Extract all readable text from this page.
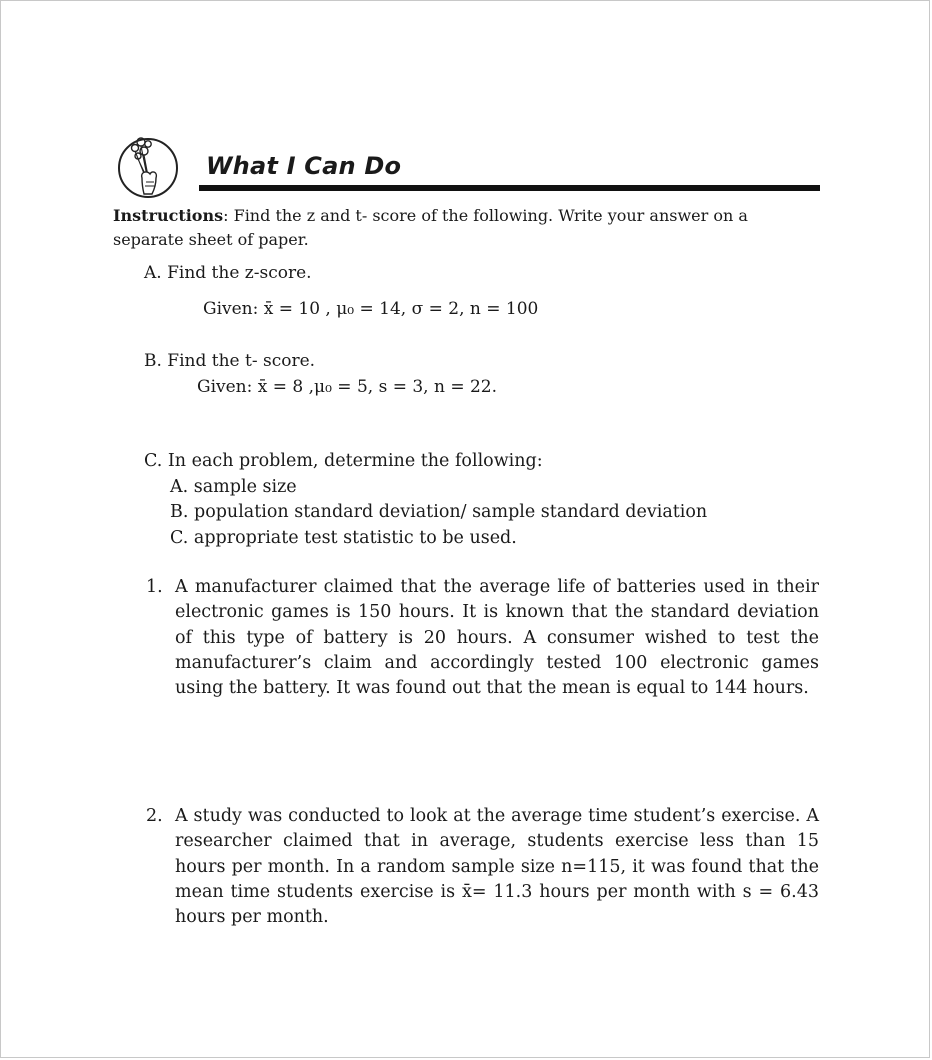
What I Can Do
Instructions: Find the z and t- score of the following. Write your answer on a
separate sheet of paper.
A. Find the z-score.
Given: x̄ = 10 , μ₀ = 14, σ = 2, n = 100
B. Find the t- score.
Given: x̄ = 8 ,μ₀ = 5, s = 3, n = 22.
C. In each problem, determine the following:
A. sample size
B. population standard deviation/ sample standard deviation
C. appropriate test statistic to be used.
1. A manufacturer claimed that the average life of batteries used in their electronic games is 150 hours. It is known that the standard deviation of this type of battery is 20 hours. A consumer wished to test the manufacturer’s claim and accordingly tested 100 electronic games using the battery. It was found out that the mean is equal to 144 hours.

2. A study was conducted to look at the average time student’s exercise. A researcher claimed that in average, students exercise less than 15 hours per month. In a random sample size n=115, it was found that the mean time students exercise is x̄= 11.3 hours per month with s = 6.43 hours per month.
